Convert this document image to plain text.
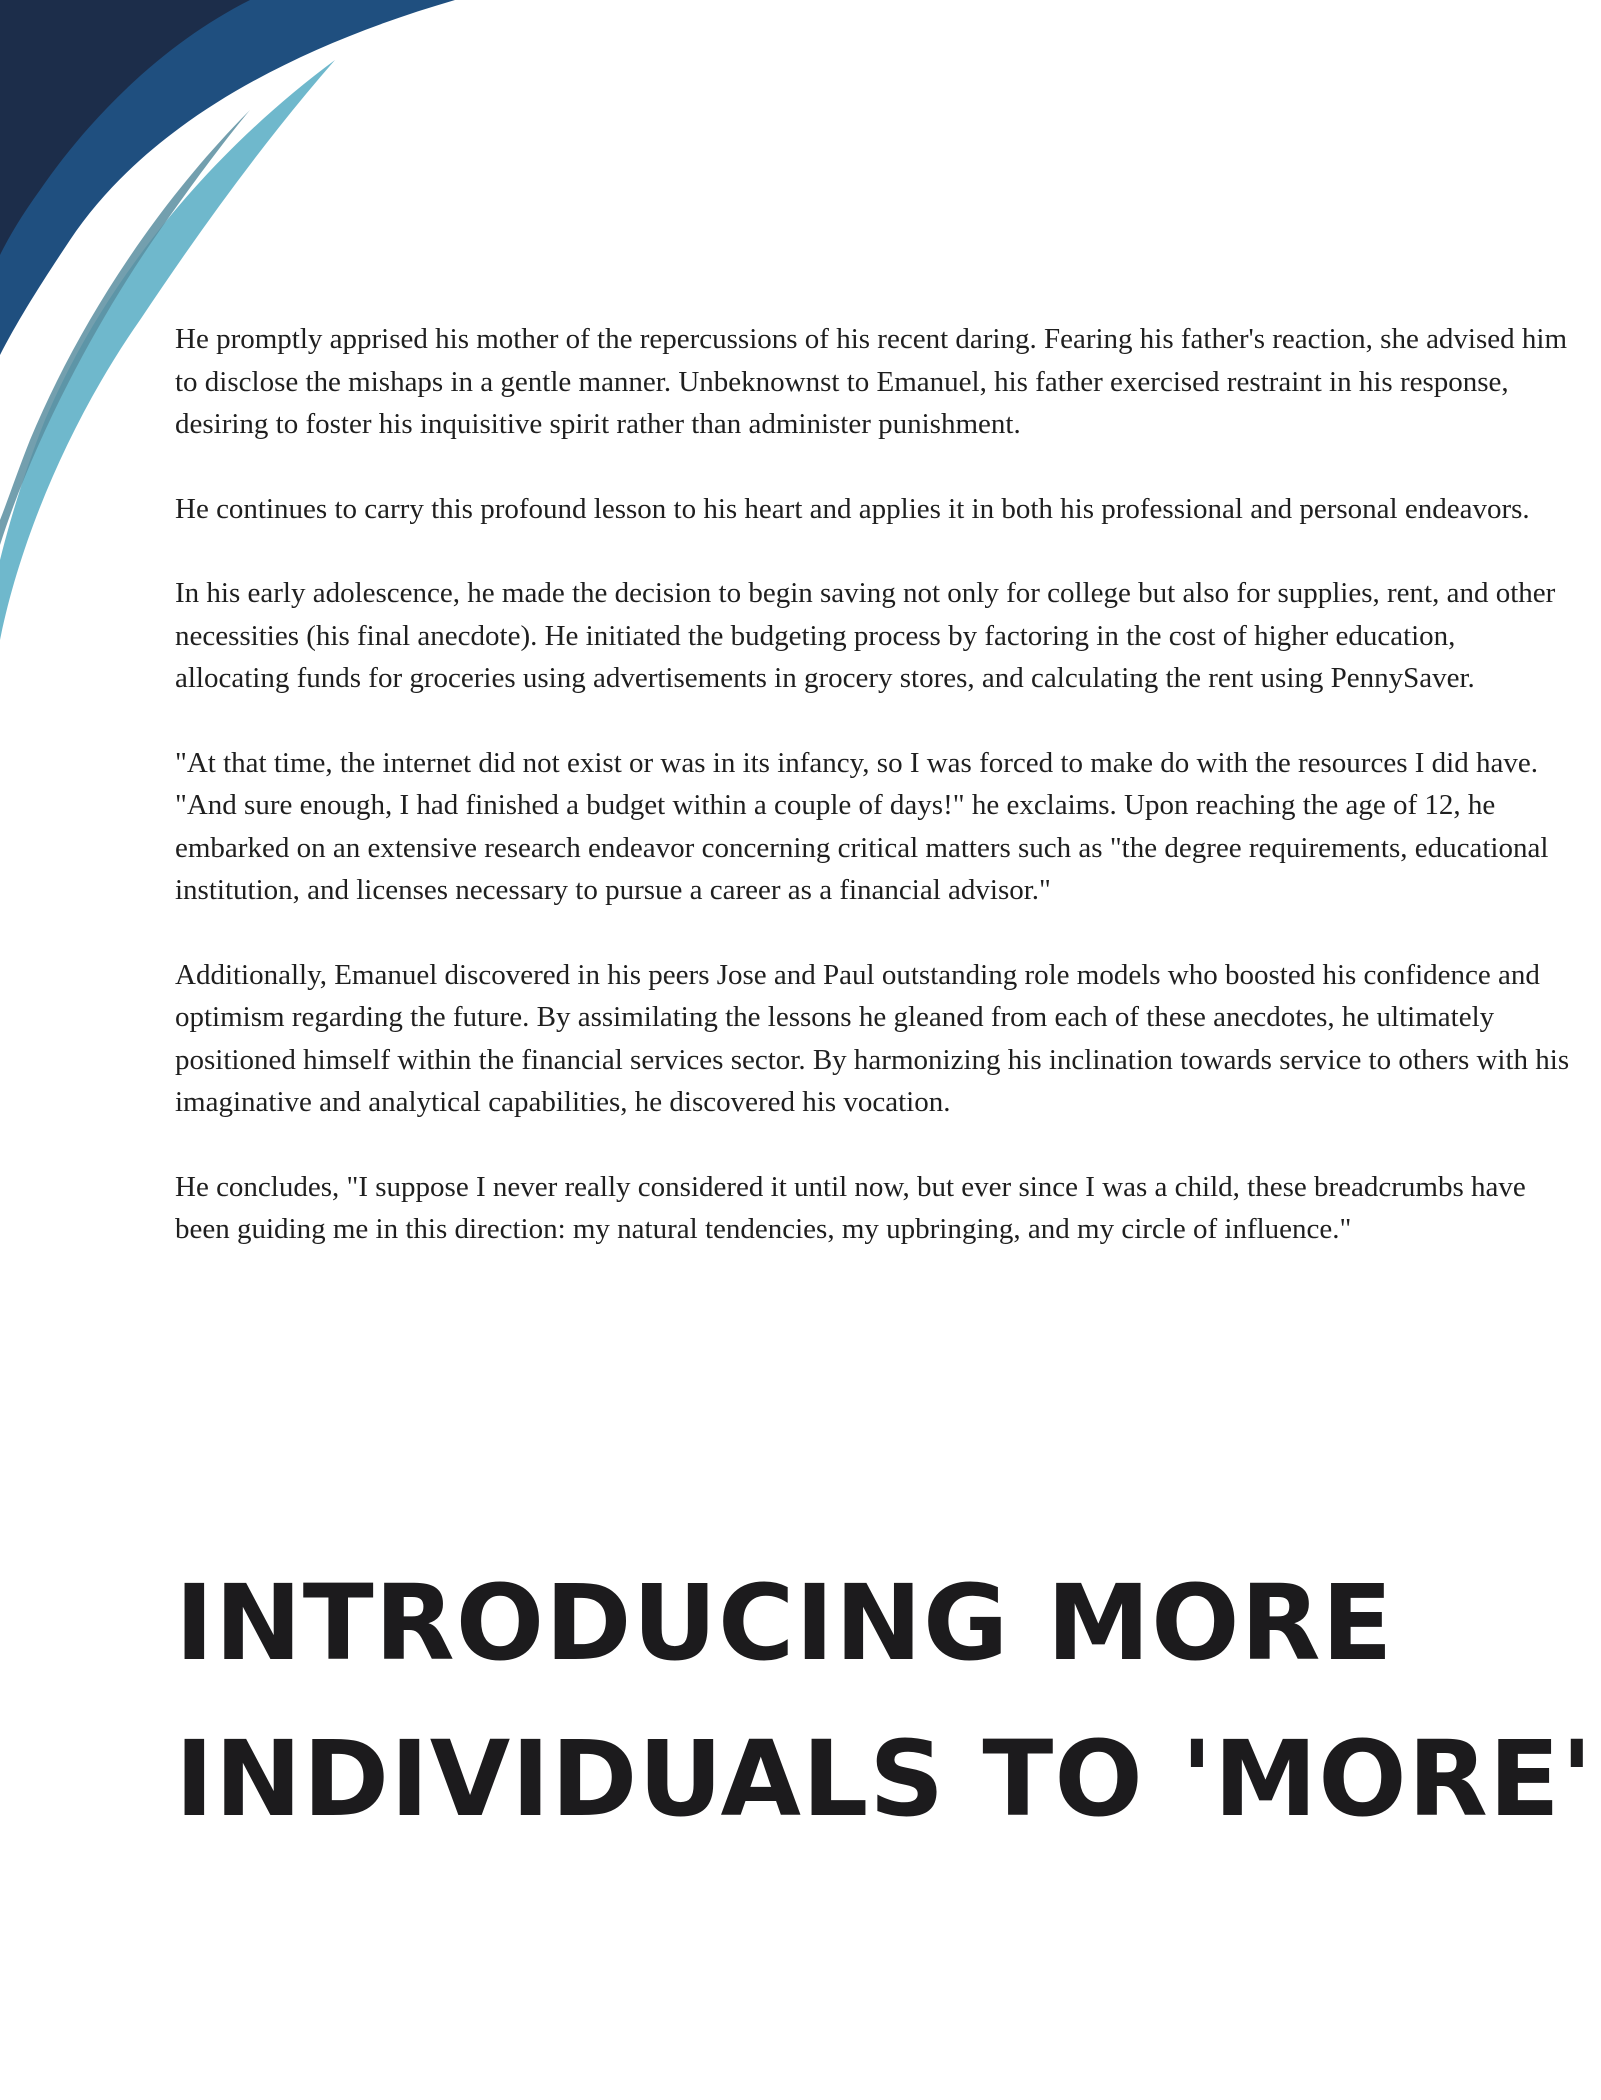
He promptly apprised his mother of the repercussions of his recent daring. Fearing his father's reaction, she advised him to disclose the mishaps in a gentle manner. Unbeknownst to Emanuel, his father exercised restraint in his response, desiring to foster his inquisitive spirit rather than administer punishment.

He continues to carry this profound lesson to his heart and applies it in both his professional and personal endeavors.

In his early adolescence, he made the decision to begin saving not only for college but also for supplies, rent, and other necessities (his final anecdote). He initiated the budgeting process by factoring in the cost of higher education, allocating funds for groceries using advertisements in grocery stores, and calculating the rent using PennySaver.

"At that time, the internet did not exist or was in its infancy, so I was forced to make do with the resources I did have. "And sure enough, I had finished a budget within a couple of days!" he exclaims. Upon reaching the age of 12, he embarked on an extensive research endeavor concerning critical matters such as "the degree requirements, educational institution, and licenses necessary to pursue a career as a financial advisor."

Additionally, Emanuel discovered in his peers Jose and Paul outstanding role models who boosted his confidence and optimism regarding the future. By assimilating the lessons he gleaned from each of these anecdotes, he ultimately positioned himself within the financial services sector. By harmonizing his inclination towards service to others with his imaginative and analytical capabilities, he discovered his vocation.

He concludes, "I suppose I never really considered it until now, but ever since I was a child, these breadcrumbs have been guiding me in this direction: my natural tendencies, my upbringing, and my circle of influence."

INTRODUCING MORE
INDIVIDUALS TO 'MORE'
